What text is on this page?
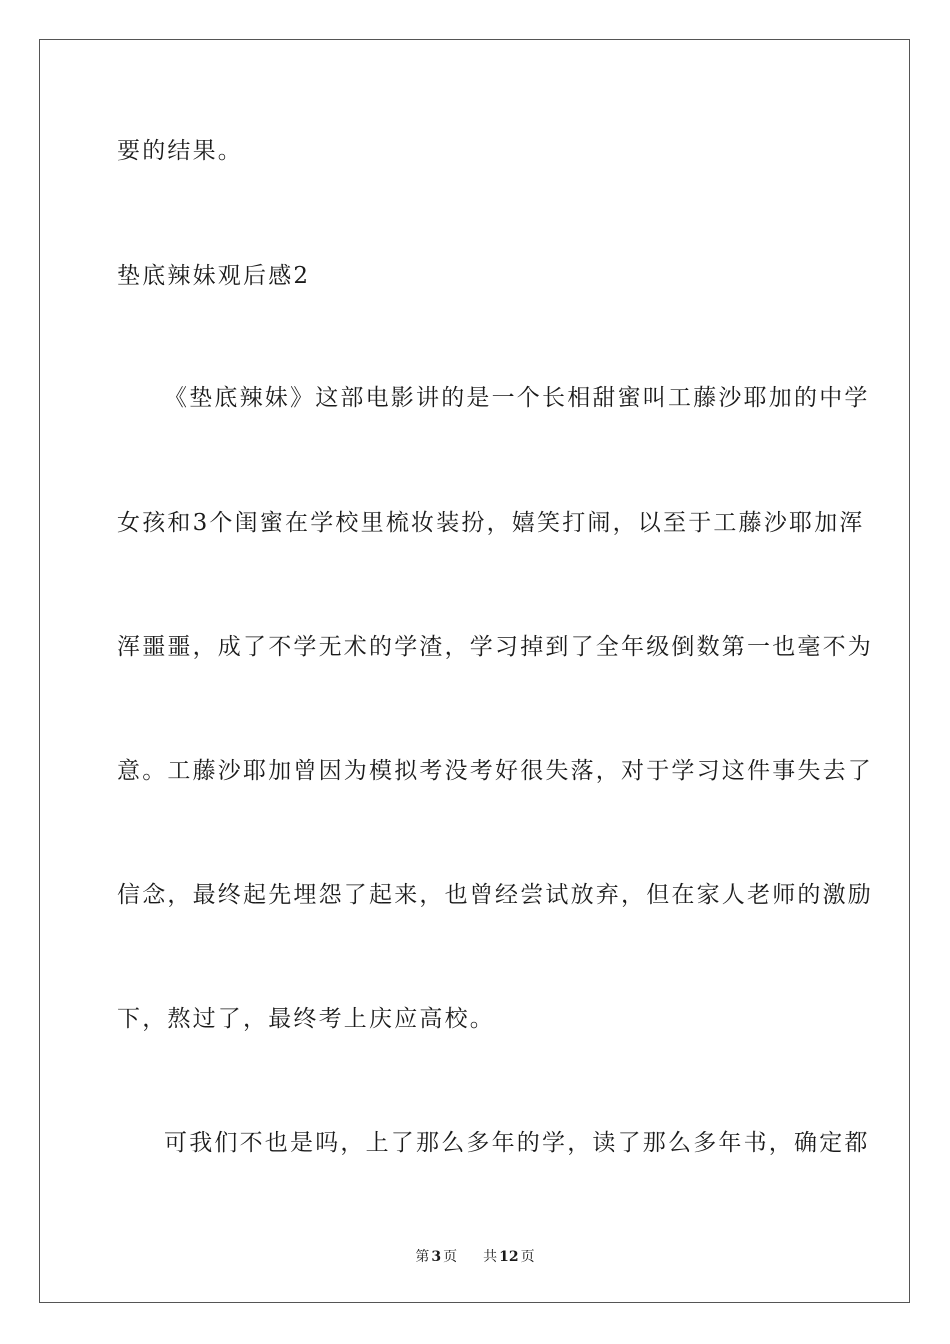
要的结果。
垫底辣妹观后感2
《垫底辣妹》这部电影讲的是一个长相甜蜜叫工藤沙耶加的中学
女孩和3个闺蜜在学校里梳妆装扮，嬉笑打闹，以至于工藤沙耶加浑
浑噩噩，成了不学无术的学渣，学习掉到了全年级倒数第一也毫不为
意。工藤沙耶加曾因为模拟考没考好很失落，对于学习这件事失去了
信念，最终起先埋怨了起来，也曾经尝试放弃，但在家人老师的激励
下，熬过了，最终考上庆应高校。
可我们不也是吗，上了那么多年的学，读了那么多年书，确定都
第 3 页 共 12 页
